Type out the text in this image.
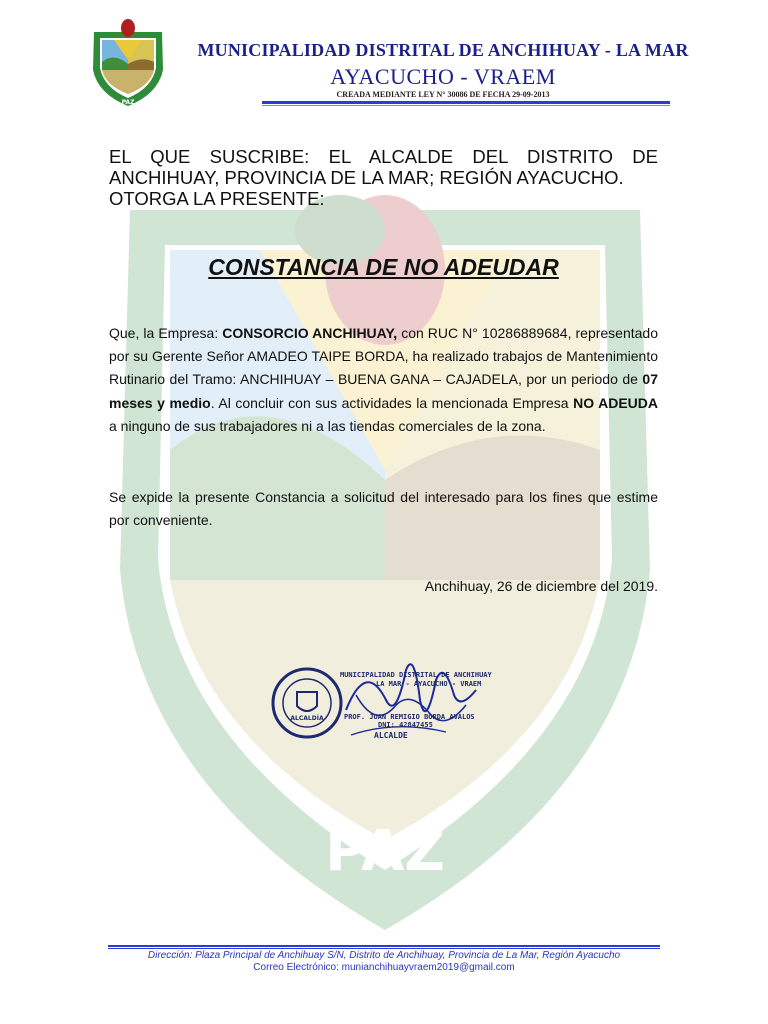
PAZ
PAZ
MUNICIPALIDAD DISTRITAL DE ANCHIHUAY - LA MAR
AYACUCHO - VRAEM
CREADA MEDIANTE LEY N° 30086 DE FECHA 29-09-2013
EL QUE SUSCRIBE: EL ALCALDE DEL DISTRITO DE ANCHIHUAY, PROVINCIA DE LA MAR; REGIÓN AYACUCHO.
OTORGA LA PRESENTE:
CONSTANCIA DE NO ADEUDAR
Que, la Empresa: CONSORCIO ANCHIHUAY, con RUC N° 10286889684, representado por su Gerente Señor AMADEO TAIPE BORDA, ha realizado trabajos de Mantenimiento Rutinario del Tramo: ANCHIHUAY – BUENA GANA – CAJADELA, por un periodo de 07 meses y medio. Al concluir con sus actividades la mencionada Empresa NO ADEUDA a ninguno de sus trabajadores ni a las tiendas comerciales de la zona.
Se expide la presente Constancia a solicitud del interesado para los fines que estime por conveniente.
Anchihuay, 26 de diciembre del 2019.
ALCALDÍA
MUNICIPALIDAD DISTRITAL DE ANCHIHUAY
LA MAR - AYACUCHO - VRAEM
PROF. JUAN REMIGIO BORDA AVALOS
DNI: 42847455
ALCALDE
Dirección: Plaza Principal de Anchihuay S/N, Distrito de Anchihuay, Provincia de La Mar, Región Ayacucho
Correo Electrónico: munianchihuayvraem2019@gmail.com
